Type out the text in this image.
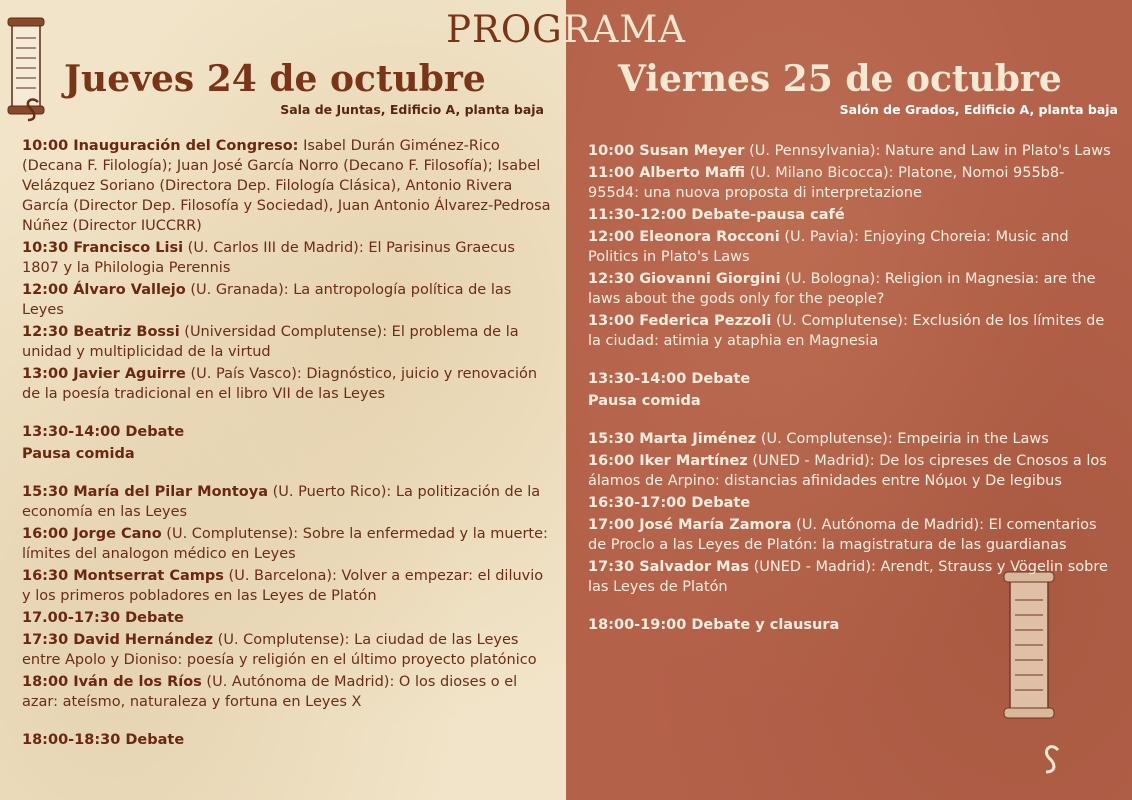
PROGRAMA
Jueves 24 de octubre
Sala de Juntas, Edificio A, planta baja
Viernes 25 de octubre
Salón de Grados, Edificio A, planta baja
10:00 Inauguración del Congreso: Isabel Durán Giménez-Rico (Decana F. Filología); Juan José García Norro (Decano F. Filosofía); Isabel Velázquez Soriano (Directora Dep. Filología Clásica), Antonio Rivera García (Director Dep. Filosofía y Sociedad), Juan Antonio Álvarez-Pedrosa Núñez (Director IUCCRR)
10:30 Francisco Lisi (U. Carlos III de Madrid): El Parisinus Graecus 1807 y la Philologia Perennis
12:00 Álvaro Vallejo (U. Granada): La antropología política de las Leyes
12:30 Beatriz Bossi (Universidad Complutense): El problema de la unidad y multiplicidad de la virtud
13:00 Javier Aguirre (U. País Vasco): Diagnóstico, juicio y renovación de la poesía tradicional en el libro VII de las Leyes
13:30-14:00 Debate
Pausa comida
15:30 María del Pilar Montoya (U. Puerto Rico): La politización de la economía en las Leyes
16:00 Jorge Cano (U. Complutense): Sobre la enfermedad y la muerte: límites del analogon médico en Leyes
16:30 Montserrat Camps (U. Barcelona): Volver a empezar: el diluvio y los primeros pobladores en las Leyes de Platón
17.00-17:30 Debate
17:30 David Hernández (U. Complutense): La ciudad de las Leyes entre Apolo y Dioniso: poesía y religión en el último proyecto platónico
18:00 Iván de los Ríos (U. Autónoma de Madrid): O los dioses o el azar: ateísmo, naturaleza y fortuna en Leyes X
18:00-18:30 Debate
10:00 Susan Meyer (U. Pennsylvania): Nature and Law in Plato's Laws
11:00 Alberto Maffi (U. Milano Bicocca): Platone, Nomoi 955b8-955d4: una nuova proposta di interpretazione
11:30-12:00 Debate-pausa café
12:00 Eleonora Rocconi (U. Pavia): Enjoying Choreia: Music and Politics in Plato's Laws
12:30 Giovanni Giorgini (U. Bologna): Religion in Magnesia: are the laws about the gods only for the people?
13:00 Federica Pezzoli (U. Complutense): Exclusión de los límites de la ciudad: atimia y ataphia en Magnesia
13:30-14:00 Debate
Pausa comida
15:30 Marta Jiménez (U. Complutense): Empeiria in the Laws
16:00 Iker Martínez (UNED - Madrid): De los cipreses de Cnosos a los álamos de Arpino: distancias afinidades entre Νόμοι y De legibus
16:30-17:00 Debate
17:00 José María Zamora (U. Autónoma de Madrid): El comentarios de Proclo a las Leyes de Platón: la magistratura de las guardianas
17:30 Salvador Mas (UNED - Madrid): Arendt, Strauss y Vögelin sobre las Leyes de Platón
18:00-19:00 Debate y clausura
